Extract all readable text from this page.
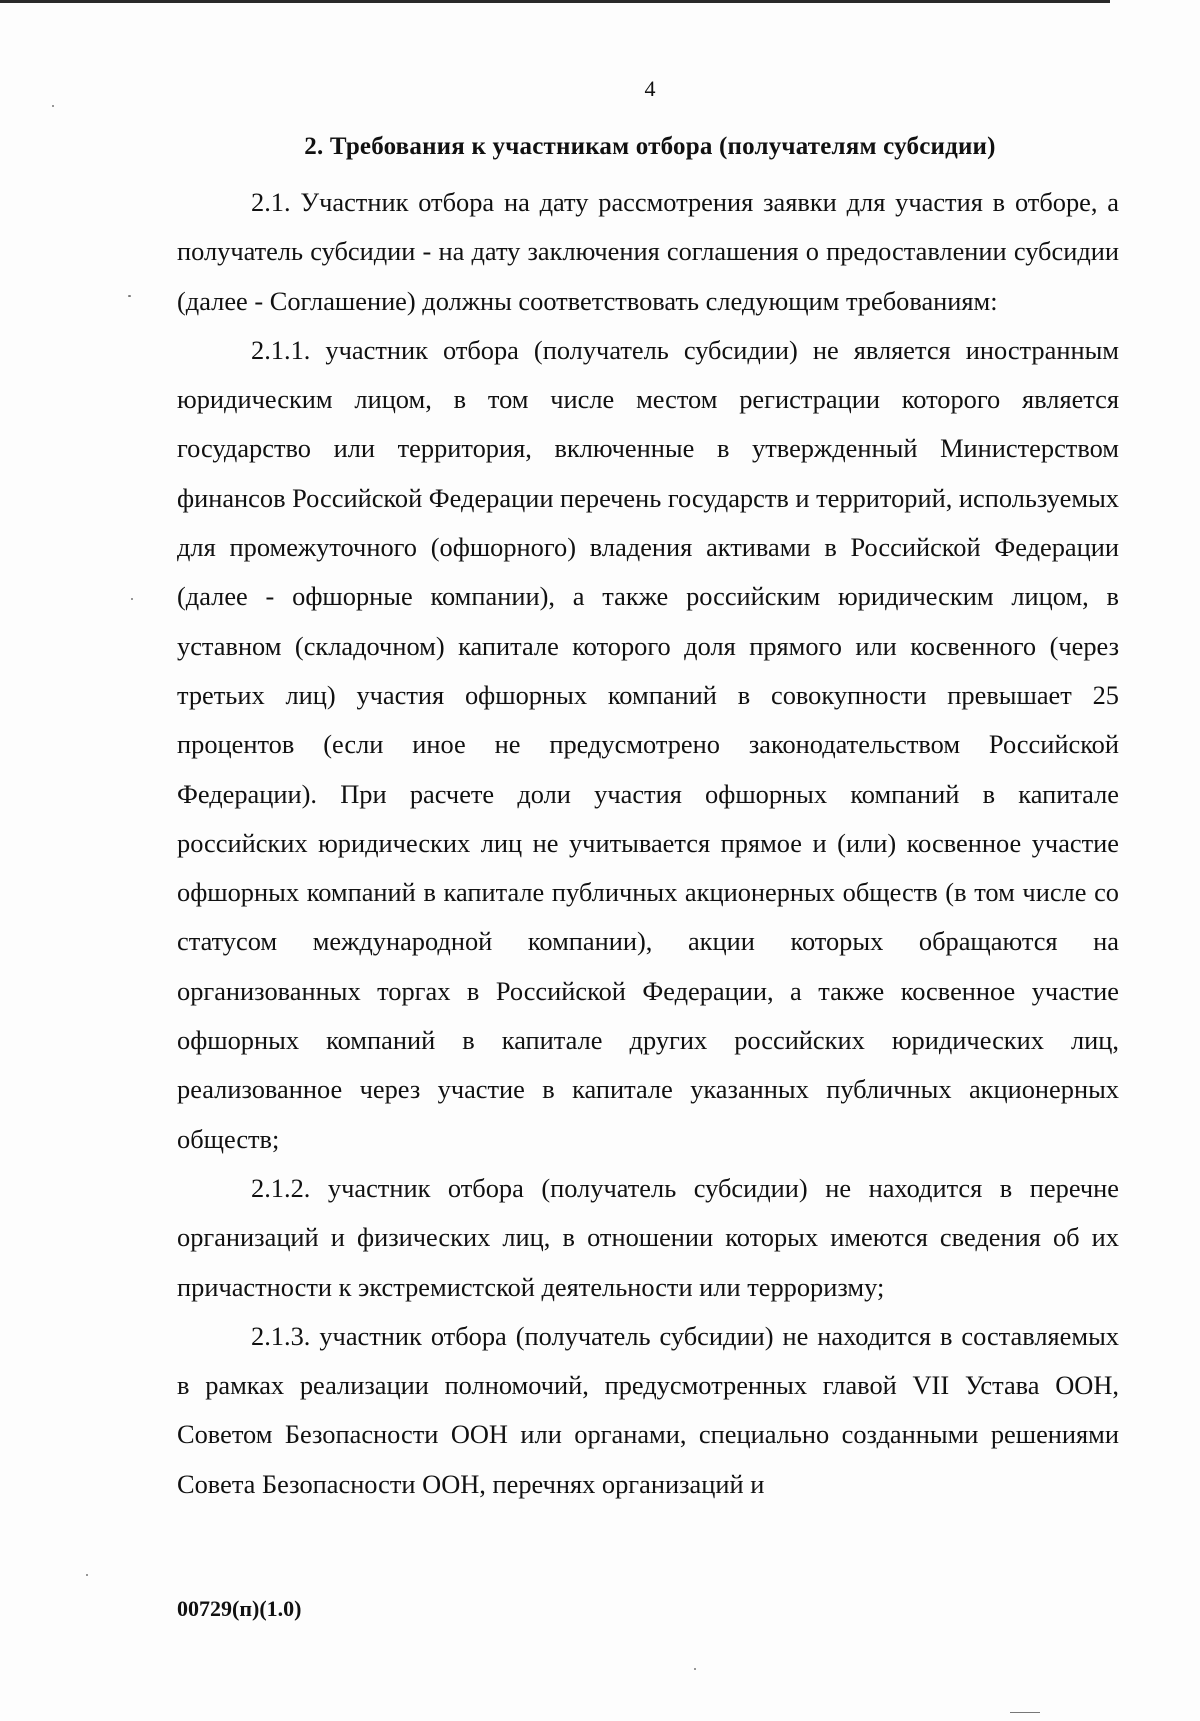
4
2. Требования к участникам отбора (получателям субсидии)

2.1. Участник отбора на дату рассмотрения заявки для участия в отборе, а получатель субсидии - на дату заключения соглашения о предоставлении субсидии (далее - Соглашение) должны соответствовать следующим требованиям:

2.1.1. участник отбора (получатель субсидии) не является иностранным юридическим лицом, в том числе местом регистрации которого является государство или территория, включенные в утвержденный Министерством финансов Российской Федерации перечень государств и территорий, используемых для промежуточного (офшорного) владения активами в Российской Федерации (далее - офшорные компании), а также российским юридическим лицом, в уставном (складочном) капитале которого доля прямого или косвенного (через третьих лиц) участия офшорных компаний в совокупности превышает 25 процентов (если иное не предусмотрено законодательством Российской Федерации). При расчете доли участия офшорных компаний в капитале российских юридических лиц не учитывается прямое и (или) косвенное участие офшорных компаний в капитале публичных акционерных обществ (в том числе со статусом международной компании), акции которых обращаются на организованных торгах в Российской Федерации, а также косвенное участие офшорных компаний в капитале других российских юридических лиц, реализованное через участие в капитале указанных публичных акционерных обществ;

2.1.2. участник отбора (получатель субсидии) не находится в перечне организаций и физических лиц, в отношении которых имеются сведения об их причастности к экстремистской деятельности или терроризму;

2.1.3. участник отбора (получатель субсидии) не находится в составляемых в рамках реализации полномочий, предусмотренных главой VII Устава ООН, Советом Безопасности ООН или органами, специально созданными решениями Совета Безопасности ООН, перечнях организаций и

00729(п)(1.0)
